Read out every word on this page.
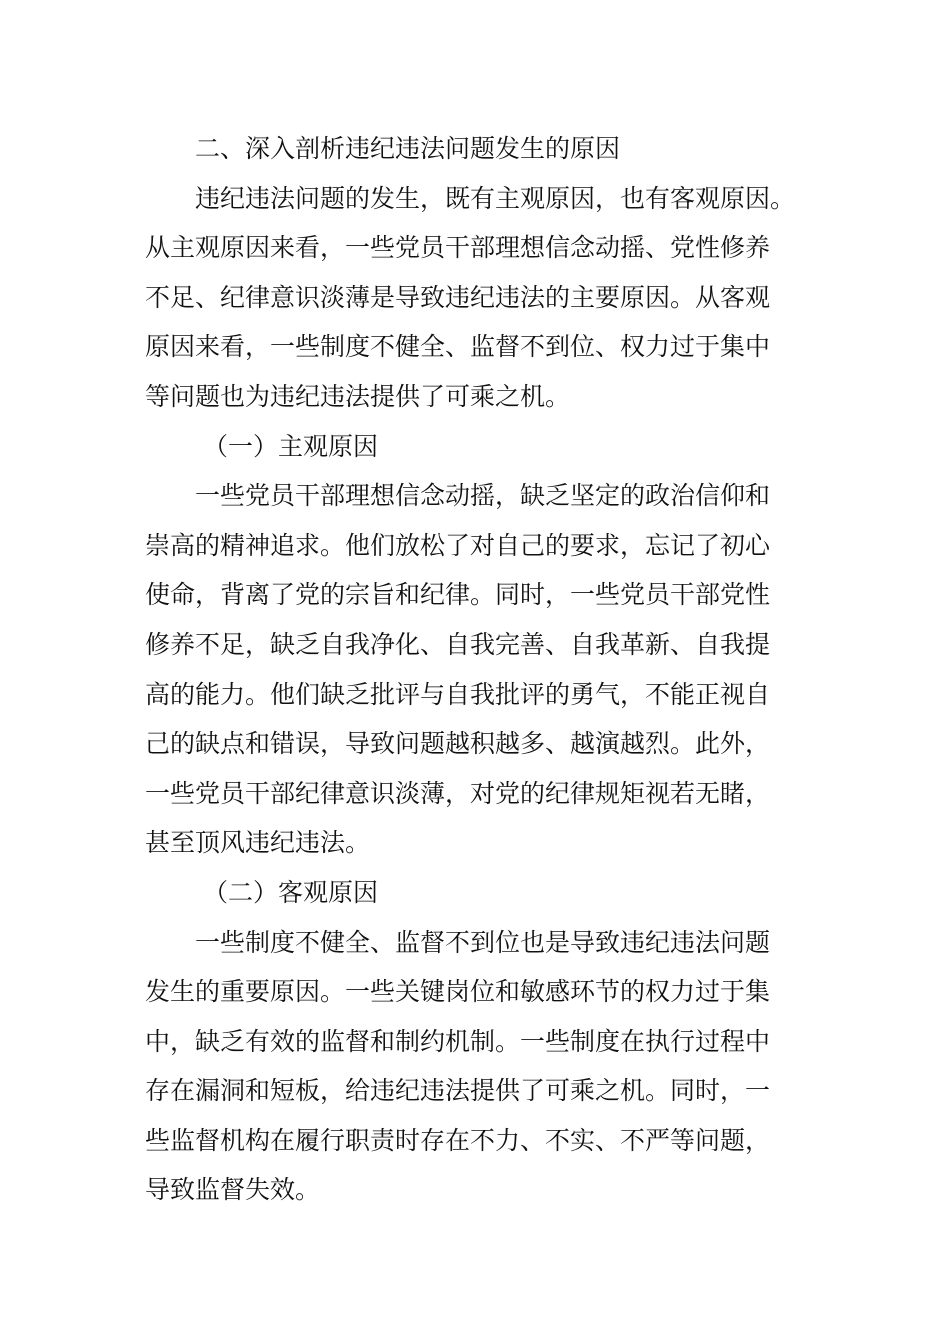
二、深入剖析违纪违法问题发生的原因
违纪违法问题的发生，既有主观原因，也有客观原因。
从主观原因来看，一些党员干部理想信念动摇、党性修养
不足、纪律意识淡薄是导致违纪违法的主要原因。从客观
原因来看，一些制度不健全、监督不到位、权力过于集中
等问题也为违纪违法提供了可乘之机。
（一）主观原因
一些党员干部理想信念动摇，缺乏坚定的政治信仰和
崇高的精神追求。他们放松了对自己的要求，忘记了初心
使命，背离了党的宗旨和纪律。同时，一些党员干部党性
修养不足，缺乏自我净化、自我完善、自我革新、自我提
高的能力。他们缺乏批评与自我批评的勇气，不能正视自
己的缺点和错误，导致问题越积越多、越演越烈。此外，
一些党员干部纪律意识淡薄，对党的纪律规矩视若无睹，
甚至顶风违纪违法。
（二）客观原因
一些制度不健全、监督不到位也是导致违纪违法问题
发生的重要原因。一些关键岗位和敏感环节的权力过于集
中，缺乏有效的监督和制约机制。一些制度在执行过程中
存在漏洞和短板，给违纪违法提供了可乘之机。同时，一
些监督机构在履行职责时存在不力、不实、不严等问题，
导致监督失效。
